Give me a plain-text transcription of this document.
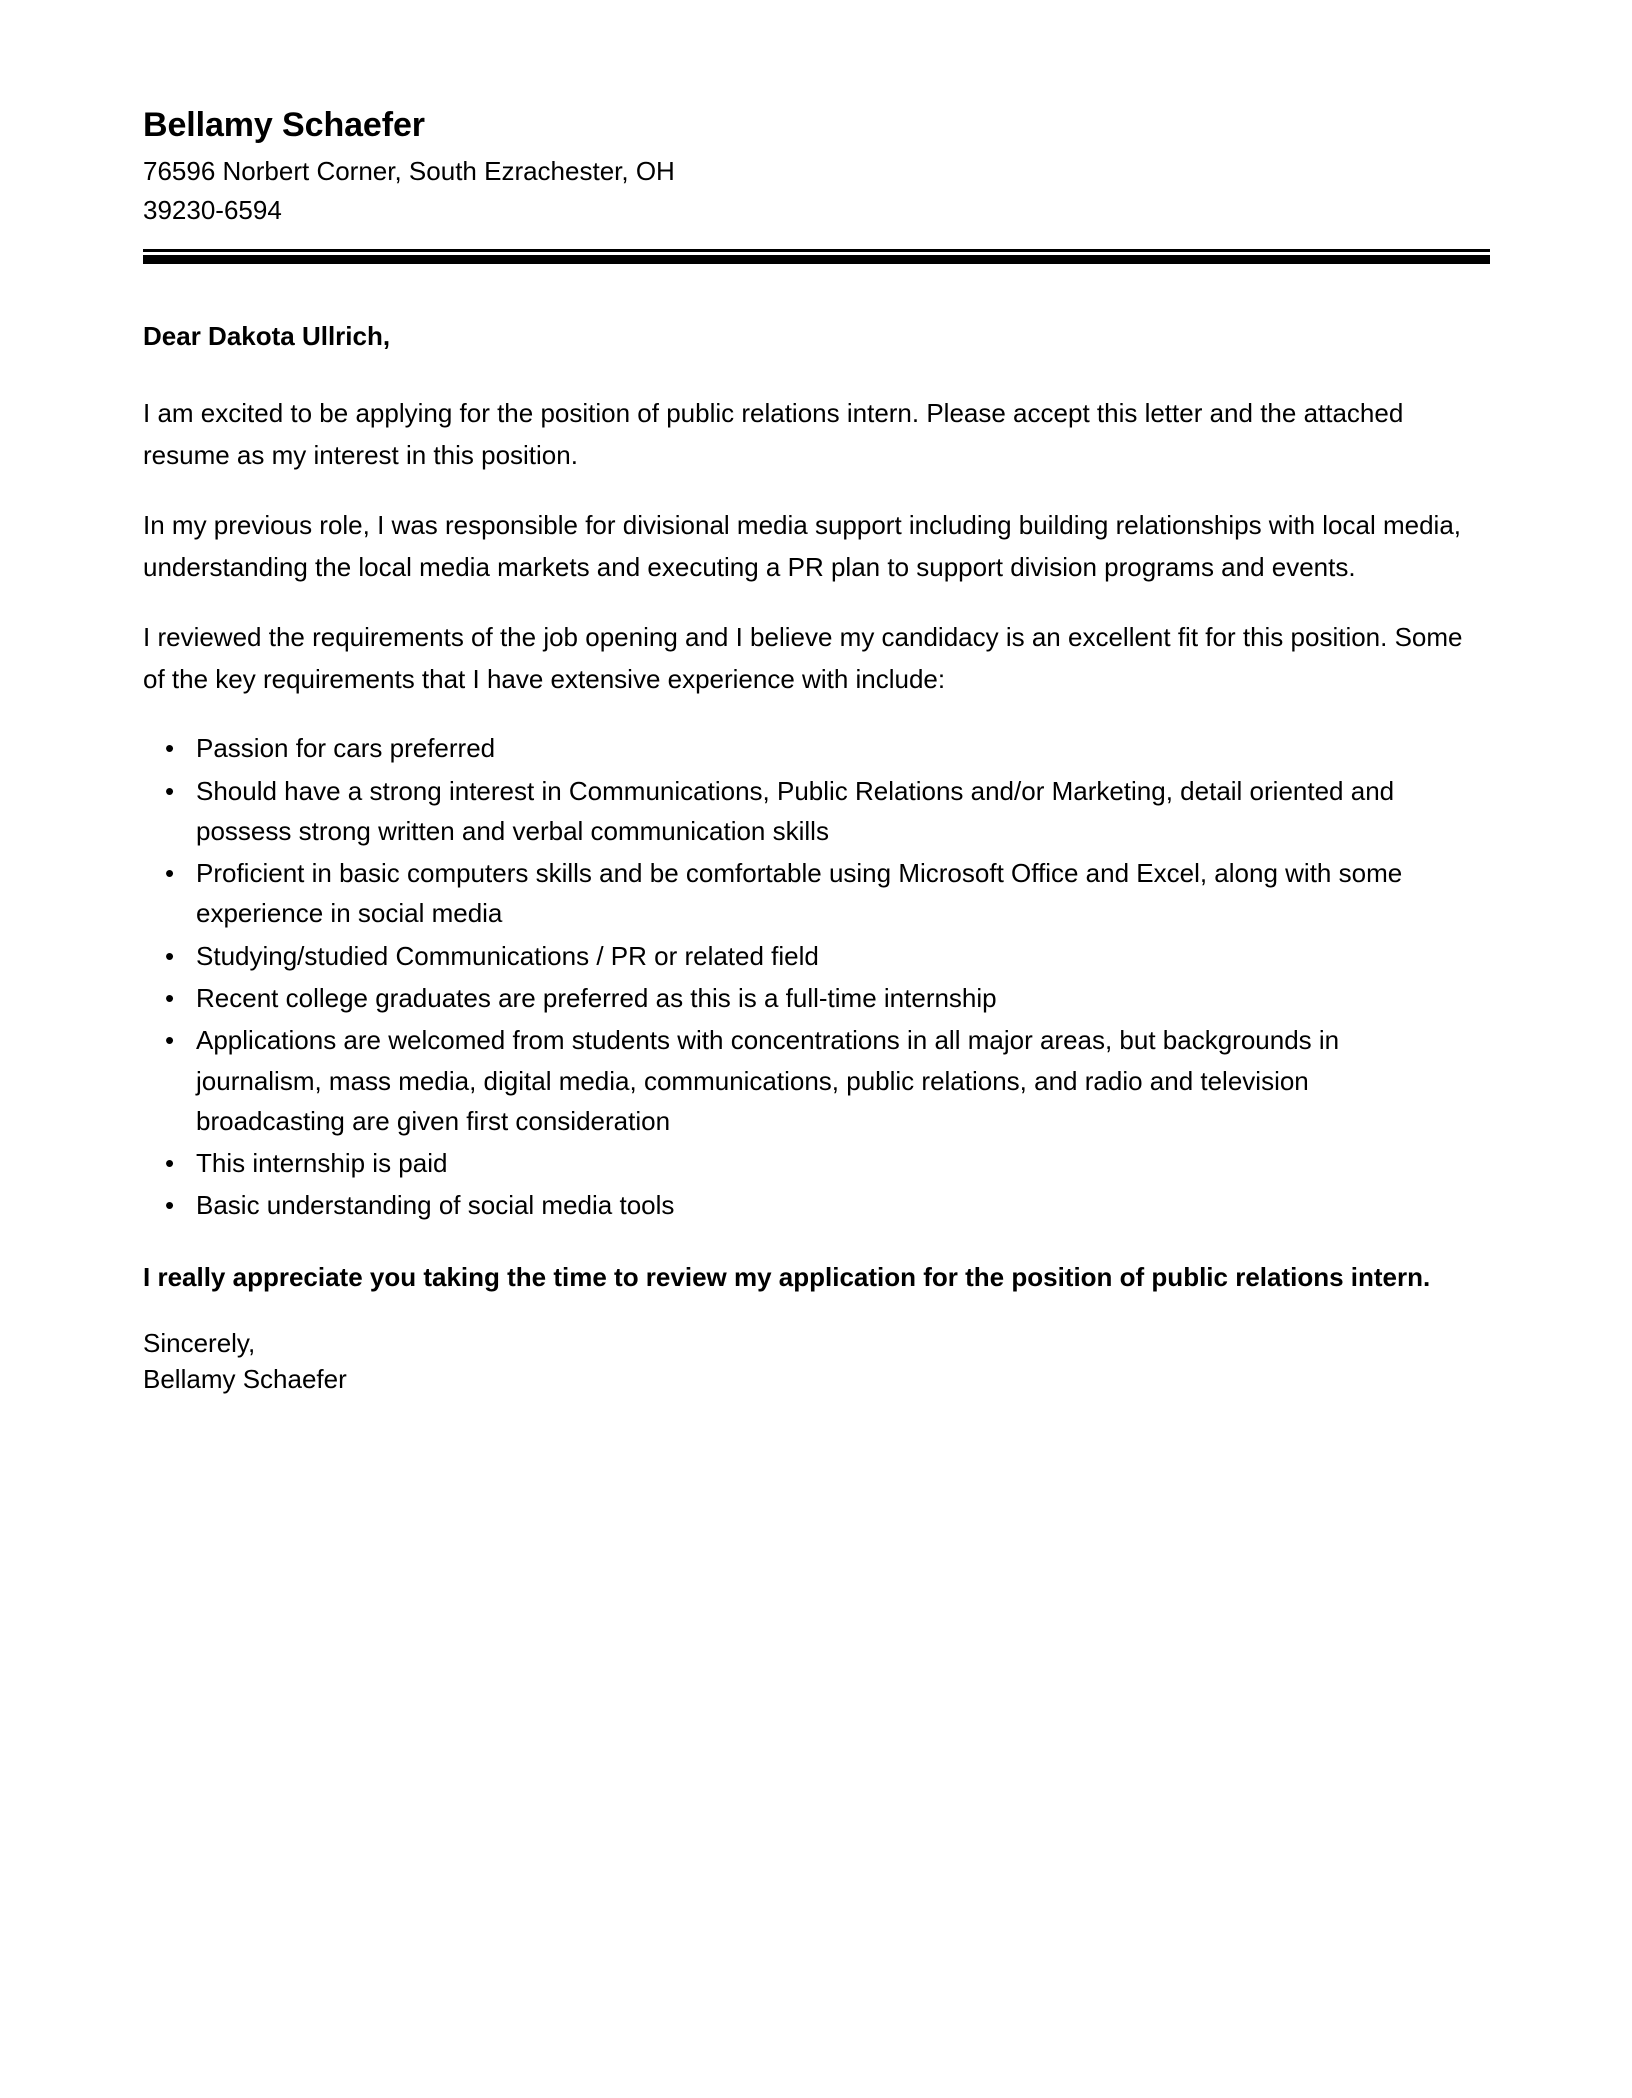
Bellamy Schaefer

76596 Norbert Corner, South Ezrachester, OH

39230-6594

Dear Dakota Ullrich,

I am excited to be applying for the position of public relations intern. Please accept this letter and the attached resume as my interest in this position.

In my previous role, I was responsible for divisional media support including building relationships with local media, understanding the local media markets and executing a PR plan to support division programs and events.

I reviewed the requirements of the job opening and I believe my candidacy is an excellent fit for this position. Some of the key requirements that I have extensive experience with include:

• Passion for cars preferred
• Should have a strong interest in Communications, Public Relations and/or Marketing, detail oriented and possess strong written and verbal communication skills
• Proficient in basic computers skills and be comfortable using Microsoft Office and Excel, along with some experience in social media
• Studying/studied Communications / PR or related field
• Recent college graduates are preferred as this is a full-time internship
• Applications are welcomed from students with concentrations in all major areas, but backgrounds in journalism, mass media, digital media, communications, public relations, and radio and television broadcasting are given first consideration
• This internship is paid
• Basic understanding of social media tools

I really appreciate you taking the time to review my application for the position of public relations intern.

Sincerely,

Bellamy Schaefer
